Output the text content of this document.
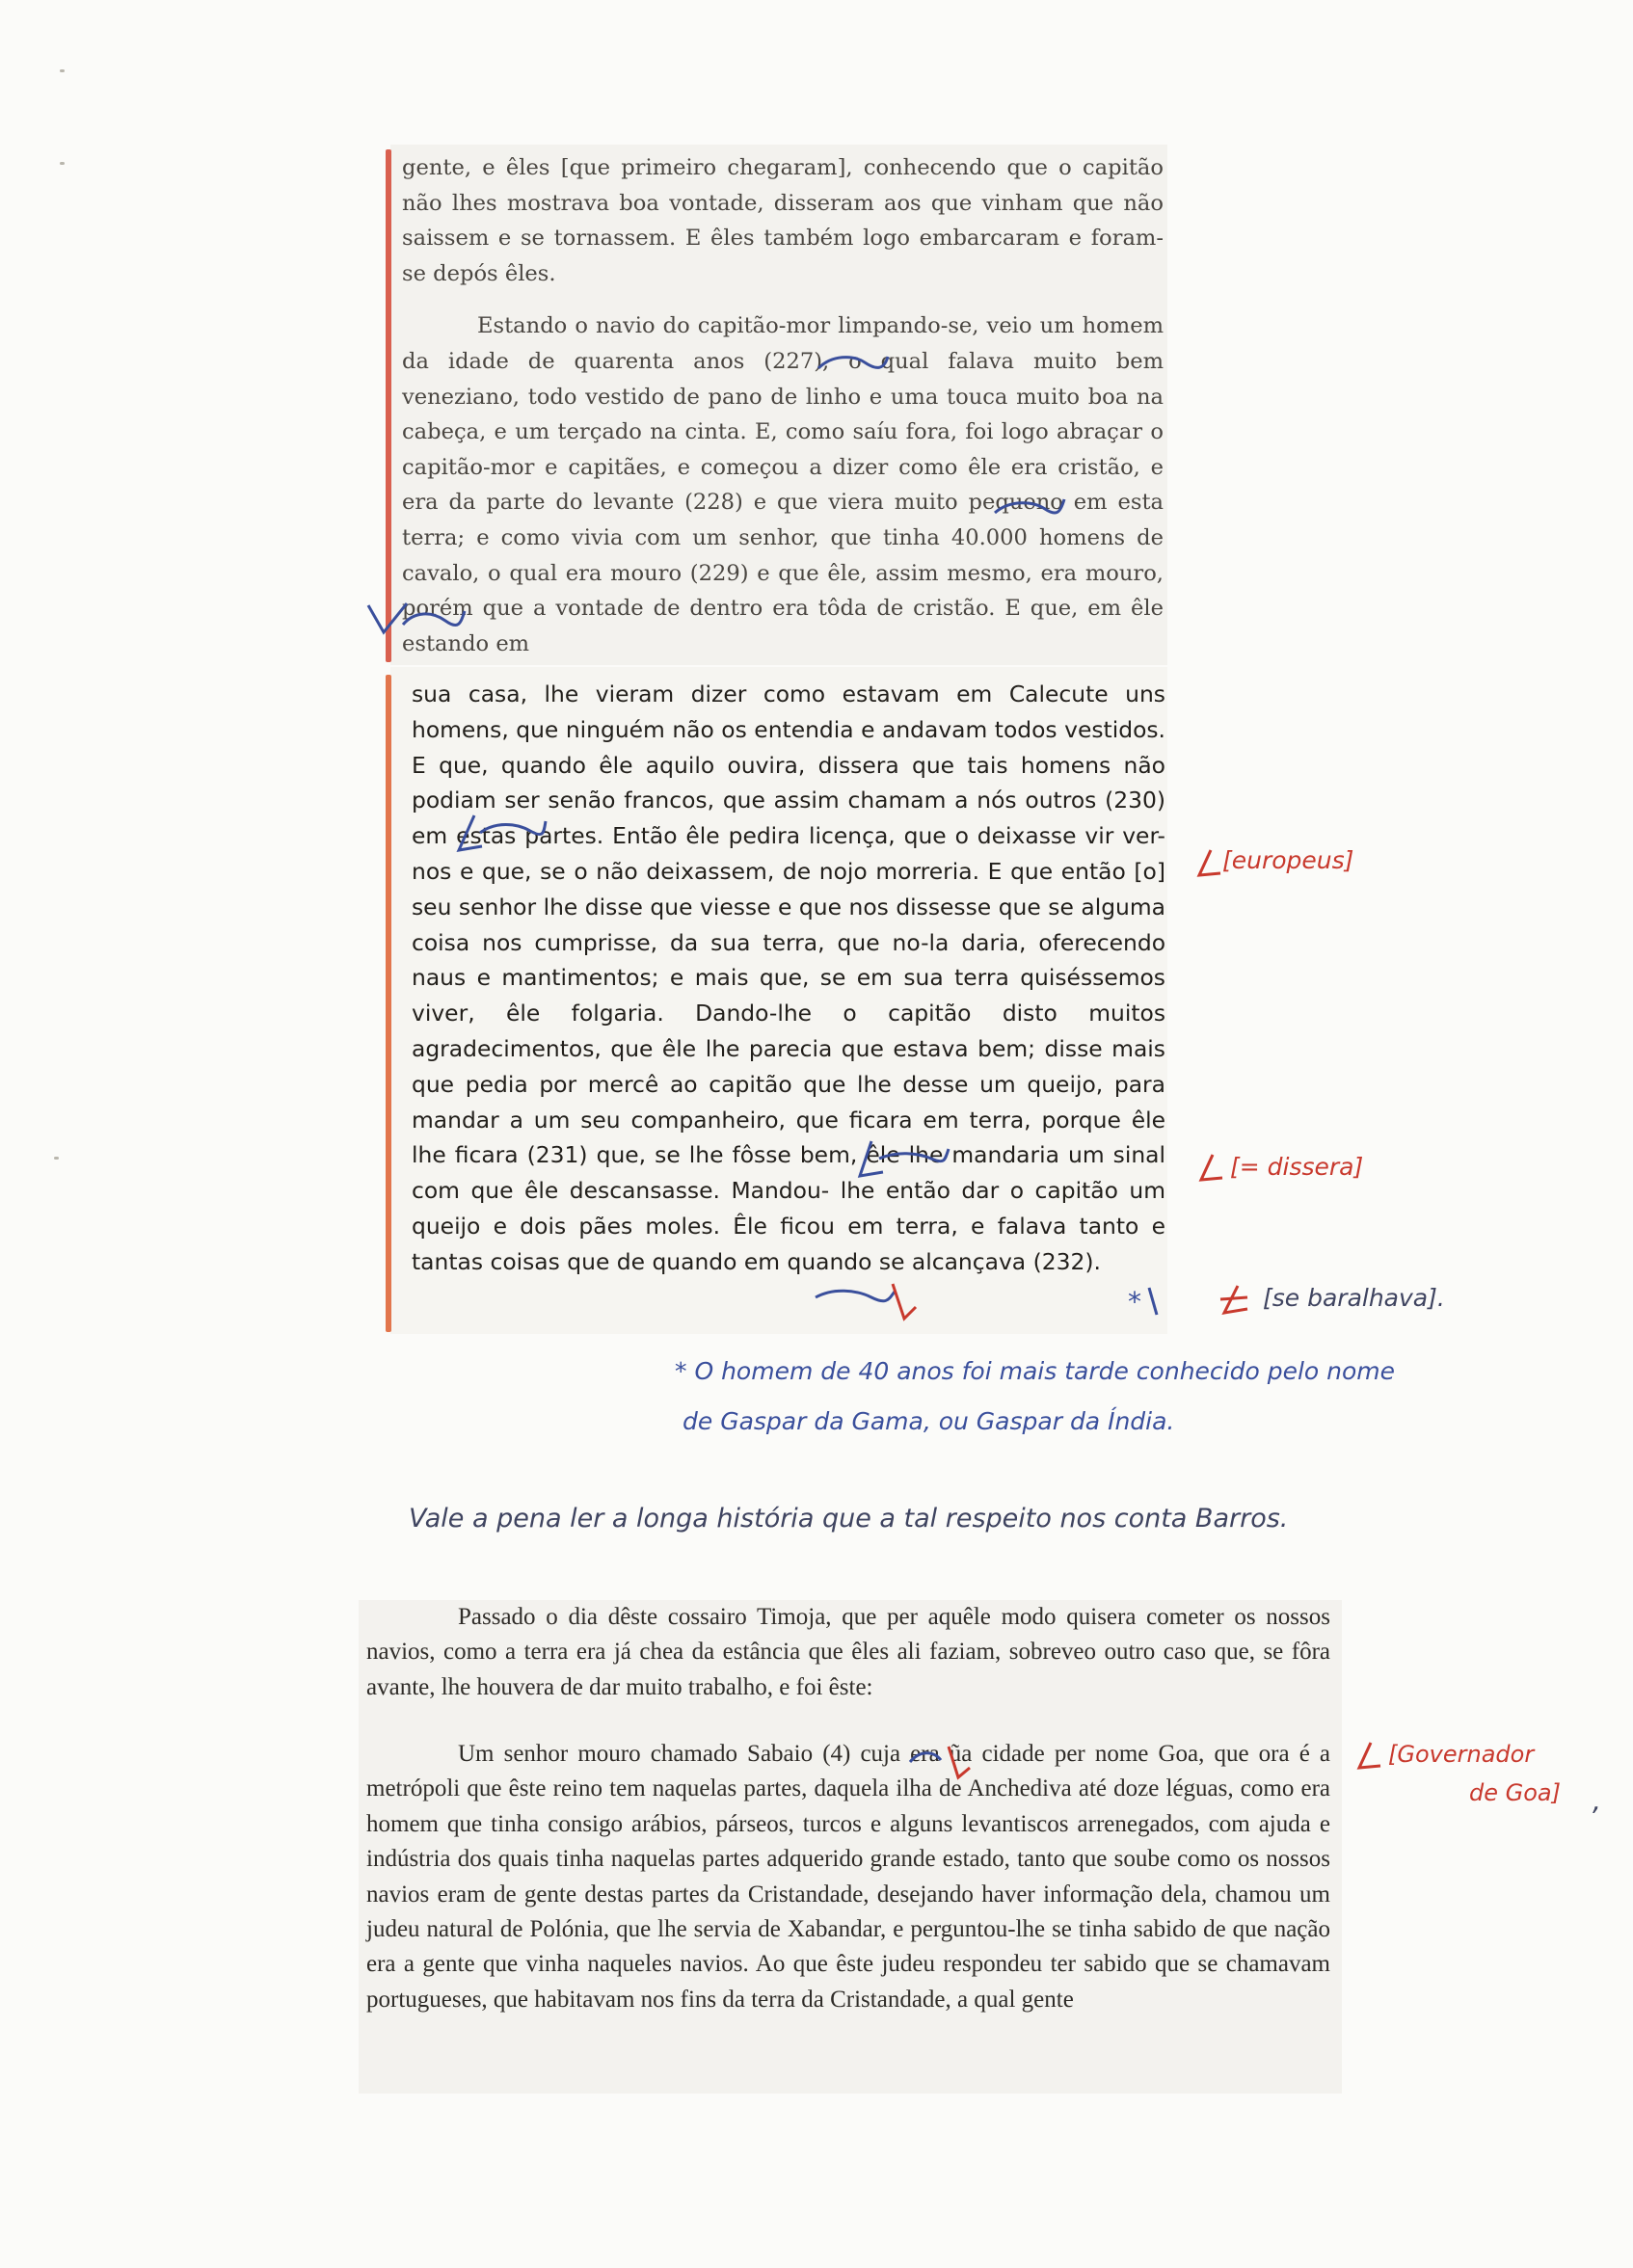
gente, e êles [que primeiro chegaram], conhecendo que o capitão não lhes mostrava boa vontade, disseram aos que vinham que não saissem e se tornassem. E êles também logo embarcaram e foram-se depós êles.

Estando o navio do capitão-mor limpando-se, veio um homem da idade de quarenta anos (227), o qual falava muito bem veneziano, todo vestido de pano de linho e uma touca muito boa na cabeça, e um terçado na cinta. E, como saíu fora, foi logo abraçar o capitão-mor e capitães, e começou a dizer como êle era cristão, e era da parte do levante (228) e que viera muito pequeno em esta terra; e como vivia com um senhor, que tinha 40.000 homens de cavalo, o qual era mouro (229) e que êle, assim mesmo, era mouro, porém que a vontade de dentro era tôda de cristão. E que, em êle estando em

sua casa, lhe vieram dizer como estavam em Calecute uns homens, que ninguém não os entendia e andavam todos vestidos. E que, quando êle aquilo ouvira, dissera que tais homens não podiam ser senão francos, que assim chamam a nós outros (230) em estas partes. Então êle pedira licença, que o deixasse vir ver-nos e que, se o não deixassem, de nojo morreria. E que então [o] seu senhor lhe disse que viesse e que nos dissesse que se alguma coisa nos cumprisse, da sua terra, que no-la daria, oferecendo naus e mantimentos; e mais que, se em sua terra quiséssemos viver, êle folgaria. Dando-lhe o capitão disto muitos agradecimentos, que êle lhe parecia que estava bem; disse mais que pedia por mercê ao capitão que lhe desse um queijo, para mandar a um seu companheiro, que ficara em terra, porque êle lhe ficara (231) que, se lhe fôsse bem, êle lhe mandaria um sinal com que êle descansasse. Mandou- lhe então dar o capitão um queijo e dois pães moles. Êle ficou em terra, e falava tanto e tantas coisas que de quando em quando se alcançava (232).

[europeus]
[= dissera]
*	[se baralhava].
* O homem de 40 anos foi mais tarde conhecido pelo nome
de Gaspar da Gama, ou Gaspar da Índia.
Vale a pena ler a longa história que a tal respeito nos conta Barros.

Passado o dia dêste cossairo Timoja, que per aquêle modo quisera cometer os nossos navios, como a terra era já chea da estância que êles ali faziam, sobreveo outro caso que, se fôra avante, lhe houvera de dar muito trabalho, e foi êste:

Um senhor mouro chamado Sabaio (4) cuja era ũa cidade per nome Goa, que ora é a metrópoli que êste reino tem naquelas partes, daquela ilha de Anchediva até doze léguas, como era homem que tinha consigo arábios, párseos, turcos e alguns levantiscos arrenegados, com ajuda e indústria dos quais tinha naquelas partes adquerido grande estado, tanto que soube como os nossos navios eram de gente destas partes da Cristandade, desejando haver informação dela, chamou um judeu natural de Polónia, que lhe servia de Xabandar, e perguntou-lhe se tinha sabido de que nação era a gente que vinha naqueles navios. Ao que êste judeu respondeu ter sabido que se chamavam portugueses, que habitavam nos fins da terra da Cristandade, a qual gente

[Governador
de Goa] ,
